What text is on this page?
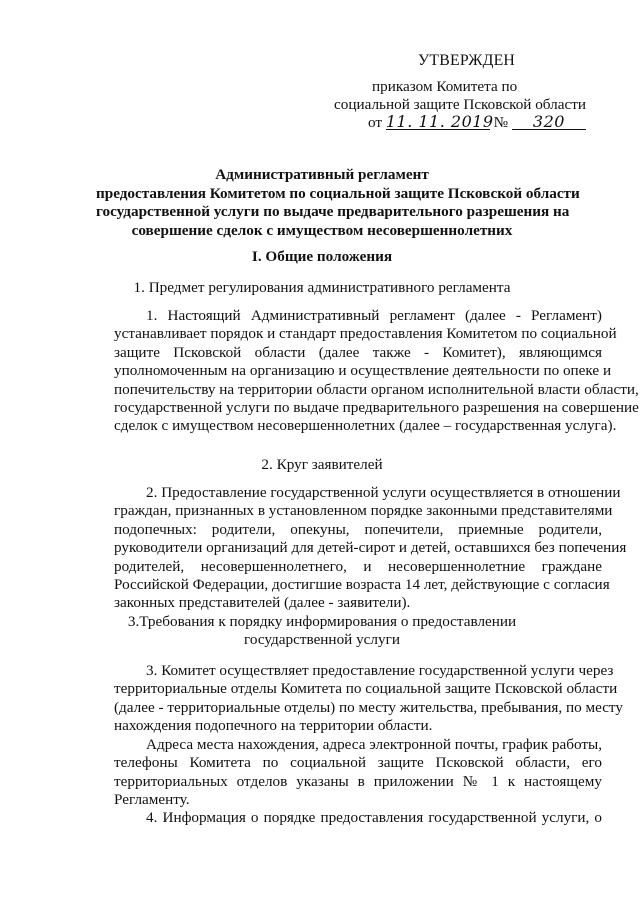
УТВЕРЖДЕН
приказом Комитета по
социальной защите Псковской области
от 11. 11. 2019 № 320
Административный регламент
предоставления Комитетом по социальной защите Псковской области
государственной услуги по выдаче предварительного разрешения на
совершение сделок с имуществом несовершеннолетних
I. Общие положения
1. Предмет регулирования административного регламента
1. Настоящий Административный регламент (далее - Регламент)
устанавливает порядок и стандарт предоставления Комитетом по социальной
защите Псковской области (далее также - Комитет), являющимся
уполномоченным на организацию и осуществление деятельности по опеке и
попечительству на территории области органом исполнительной власти области,
государственной услуги по выдаче предварительного разрешения на совершение
сделок с имуществом несовершеннолетних (далее – государственная услуга).
2. Круг заявителей
2. Предоставление государственной услуги осуществляется в отношении
граждан, признанных в установленном порядке законными представителями
подопечных: родители, опекуны, попечители, приемные родители,
руководители организаций для детей-сирот и детей, оставшихся без попечения
родителей, несовершеннолетнего, и несовершеннолетние граждане
Российской Федерации, достигшие возраста 14 лет, действующие с согласия
законных представителей (далее - заявители).
3.Требования к порядку информирования о предоставлении
государственной услуги
3. Комитет осуществляет предоставление государственной услуги через
территориальные отделы Комитета по социальной защите Псковской области
(далее - территориальные отделы) по месту жительства, пребывания, по месту
нахождения подопечного на территории области.
Адреса места нахождения, адреса электронной почты, график работы,
телефоны Комитета по социальной защите Псковской области, его
территориальных отделов указаны в приложении № 1 к настоящему
Регламенту.
4. Информация о порядке предоставления государственной услуги, о
